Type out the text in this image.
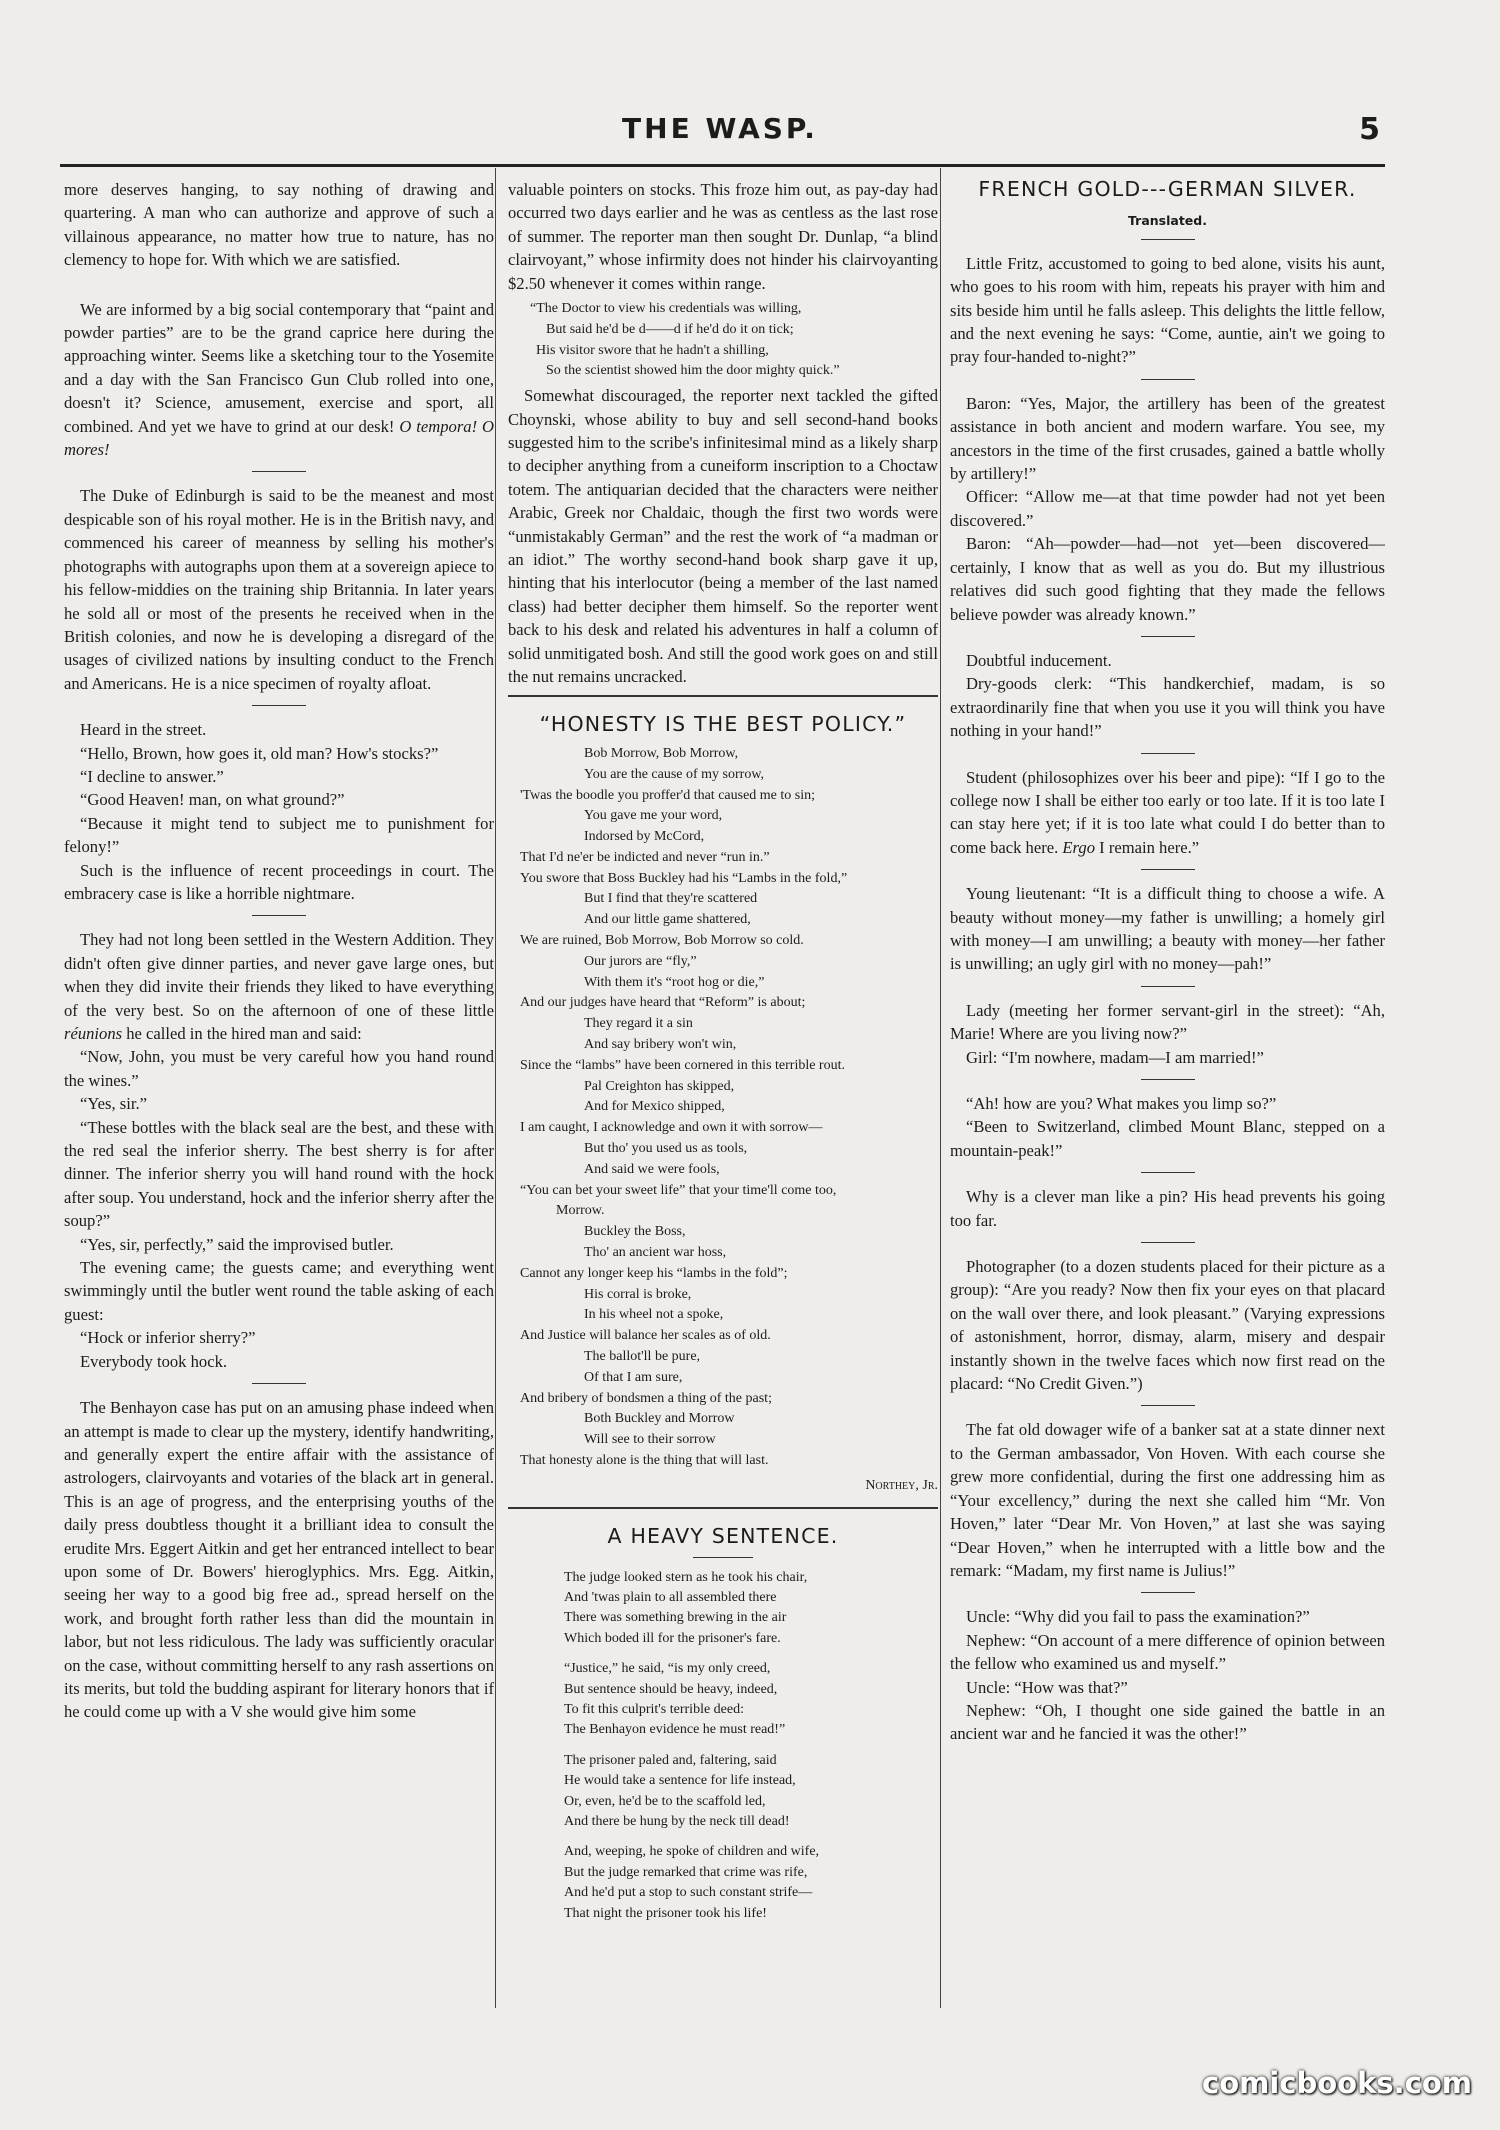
THE WASP.	5

more deserves hanging, to say nothing of drawing and quartering. A man who can authorize and approve of such a villainous appearance, no matter how true to nature, has no clemency to hope for. With which we are satisfied.

We are informed by a big social contemporary that “paint and powder parties” are to be the grand caprice here during the approaching winter. Seems like a sketching tour to the Yosemite and a day with the San Francisco Gun Club rolled into one, doesn't it? Science, amusement, exercise and sport, all combined. And yet we have to grind at our desk! O tempora! O mores!

The Duke of Edinburgh is said to be the meanest and most despicable son of his royal mother. He is in the British navy, and commenced his career of meanness by selling his mother's photographs with autographs upon them at a sovereign apiece to his fellow-middies on the training ship Britannia. In later years he sold all or most of the presents he received when in the British colonies, and now he is developing a disregard of the usages of civilized nations by insulting conduct to the French and Americans. He is a nice specimen of royalty afloat.

Heard in the street.

“Hello, Brown, how goes it, old man? How's stocks?”

“I decline to answer.”

“Good Heaven! man, on what ground?”

“Because it might tend to subject me to punishment for felony!”

Such is the influence of recent proceedings in court. The embracery case is like a horrible nightmare.

They had not long been settled in the Western Addition. They didn't often give dinner parties, and never gave large ones, but when they did invite their friends they liked to have everything of the very best. So on the afternoon of one of these little réunions he called in the hired man and said:

“Now, John, you must be very careful how you hand round the wines.”

“Yes, sir.”

“These bottles with the black seal are the best, and these with the red seal the inferior sherry. The best sherry is for after dinner. The inferior sherry you will hand round with the hock after soup. You understand, hock and the inferior sherry after the soup?”

“Yes, sir, perfectly,” said the improvised butler.

The evening came; the guests came; and everything went swimmingly until the butler went round the table asking of each guest:

“Hock or inferior sherry?”

Everybody took hock.

The Benhayon case has put on an amusing phase indeed when an attempt is made to clear up the mystery, identify handwriting, and generally expert the entire affair with the assistance of astrologers, clairvoyants and votaries of the black art in general. This is an age of progress, and the enterprising youths of the daily press doubtless thought it a brilliant idea to consult the erudite Mrs. Eggert Aitkin and get her entranced intellect to bear upon some of Dr. Bowers' hieroglyphics. Mrs. Egg. Aitkin, seeing her way to a good big free ad., spread herself on the work, and brought forth rather less than did the mountain in labor, but not less ridiculous. The lady was sufficiently oracular on the case, without committing herself to any rash assertions on its merits, but told the budding aspirant for literary honors that if he could come up with a V she would give him some

valuable pointers on stocks. This froze him out, as pay-day had occurred two days earlier and he was as centless as the last rose of summer. The reporter man then sought Dr. Dunlap, “a blind clairvoyant,” whose infirmity does not hinder his clairvoyanting $2.50 whenever it comes within range.

“The Doctor to view his credentials was willing,
But said he'd be d——d if he'd do it on tick;
His visitor swore that he hadn't a shilling,
So the scientist showed him the door mighty quick.”

Somewhat discouraged, the reporter next tackled the gifted Choynski, whose ability to buy and sell second-hand books suggested him to the scribe's infinitesimal mind as a likely sharp to decipher anything from a cuneiform inscription to a Choctaw totem. The antiquarian decided that the characters were neither Arabic, Greek nor Chaldaic, though the first two words were “unmistakably German” and the rest the work of “a madman or an idiot.” The worthy second-hand book sharp gave it up, hinting that his interlocutor (being a member of the last named class) had better decipher them himself. So the reporter went back to his desk and related his adventures in half a column of solid unmitigated bosh. And still the good work goes on and still the nut remains uncracked.

“HONESTY IS THE BEST POLICY.”
Bob Morrow, Bob Morrow,
You are the cause of my sorrow,
'Twas the boodle you proffer'd that caused me to sin;
You gave me your word,
Indorsed by McCord,
That I'd ne'er be indicted and never “run in.”
You swore that Boss Buckley had his “Lambs in the fold,”
But I find that they're scattered
And our little game shattered,
We are ruined, Bob Morrow, Bob Morrow so cold.
Our jurors are “fly,”
With them it's “root hog or die,”
And our judges have heard that “Reform” is about;
They regard it a sin
And say bribery won't win,
Since the “lambs” have been cornered in this terrible rout.
Pal Creighton has skipped,
And for Mexico shipped,
I am caught, I acknowledge and own it with sorrow—
But tho' you used us as tools,
And said we were fools,
“You can bet your sweet life” that your time'll come too,
Morrow.
Buckley the Boss,
Tho' an ancient war hoss,
Cannot any longer keep his “lambs in the fold”;
His corral is broke,
In his wheel not a spoke,
And Justice will balance her scales as of old.
The ballot'll be pure,
Of that I am sure,
And bribery of bondsmen a thing of the past;
Both Buckley and Morrow
Will see to their sorrow
That honesty alone is the thing that will last.
Northey, Jr.
A HEAVY SENTENCE.
The judge looked stern as he took his chair,
And 'twas plain to all assembled there
There was something brewing in the air
Which boded ill for the prisoner's fare.
“Justice,” he said, “is my only creed,
But sentence should be heavy, indeed,
To fit this culprit's terrible deed:
The Benhayon evidence he must read!”
The prisoner paled and, faltering, said
He would take a sentence for life instead,
Or, even, he'd be to the scaffold led,
And there be hung by the neck till dead!
And, weeping, he spoke of children and wife,
But the judge remarked that crime was rife,
And he'd put a stop to such constant strife—
That night the prisoner took his life!
FRENCH GOLD---GERMAN SILVER.
Translated.

Little Fritz, accustomed to going to bed alone, visits his aunt, who goes to his room with him, repeats his prayer with him and sits beside him until he falls asleep. This delights the little fellow, and the next evening he says: “Come, auntie, ain't we going to pray four-handed to-night?”

Baron: “Yes, Major, the artillery has been of the greatest assistance in both ancient and modern warfare. You see, my ancestors in the time of the first crusades, gained a battle wholly by artillery!”

Officer: “Allow me—at that time powder had not yet been discovered.”

Baron: “Ah—powder—had—not yet—been discovered—certainly, I know that as well as you do. But my illustrious relatives did such good fighting that they made the fellows believe powder was already known.”

Doubtful inducement.

Dry-goods clerk: “This handkerchief, madam, is so extraordinarily fine that when you use it you will think you have nothing in your hand!”

Student (philosophizes over his beer and pipe): “If I go to the college now I shall be either too early or too late. If it is too late I can stay here yet; if it is too late what could I do better than to come back here. Ergo I remain here.”

Young lieutenant: “It is a difficult thing to choose a wife. A beauty without money—my father is unwilling; a homely girl with money—I am unwilling; a beauty with money—her father is unwilling; an ugly girl with no money—pah!”

Lady (meeting her former servant-girl in the street): “Ah, Marie! Where are you living now?”

Girl: “I'm nowhere, madam—I am married!”

“Ah! how are you? What makes you limp so?”

“Been to Switzerland, climbed Mount Blanc, stepped on a mountain-peak!”

Why is a clever man like a pin? His head prevents his going too far.

Photographer (to a dozen students placed for their picture as a group): “Are you ready? Now then fix your eyes on that placard on the wall over there, and look pleasant.” (Varying expressions of astonishment, horror, dismay, alarm, misery and despair instantly shown in the twelve faces which now first read on the placard: “No Credit Given.”)

The fat old dowager wife of a banker sat at a state dinner next to the German ambassador, Von Hoven. With each course she grew more confidential, during the first one addressing him as “Your excellency,” during the next she called him “Mr. Von Hoven,” later “Dear Mr. Von Hoven,” at last she was saying “Dear Hoven,” when he interrupted with a little bow and the remark: “Madam, my first name is Julius!”

Uncle: “Why did you fail to pass the examination?”

Nephew: “On account of a mere difference of opinion between the fellow who examined us and myself.”

Uncle: “How was that?”

Nephew: “Oh, I thought one side gained the battle in an ancient war and he fancied it was the other!”

comicbooks.com
